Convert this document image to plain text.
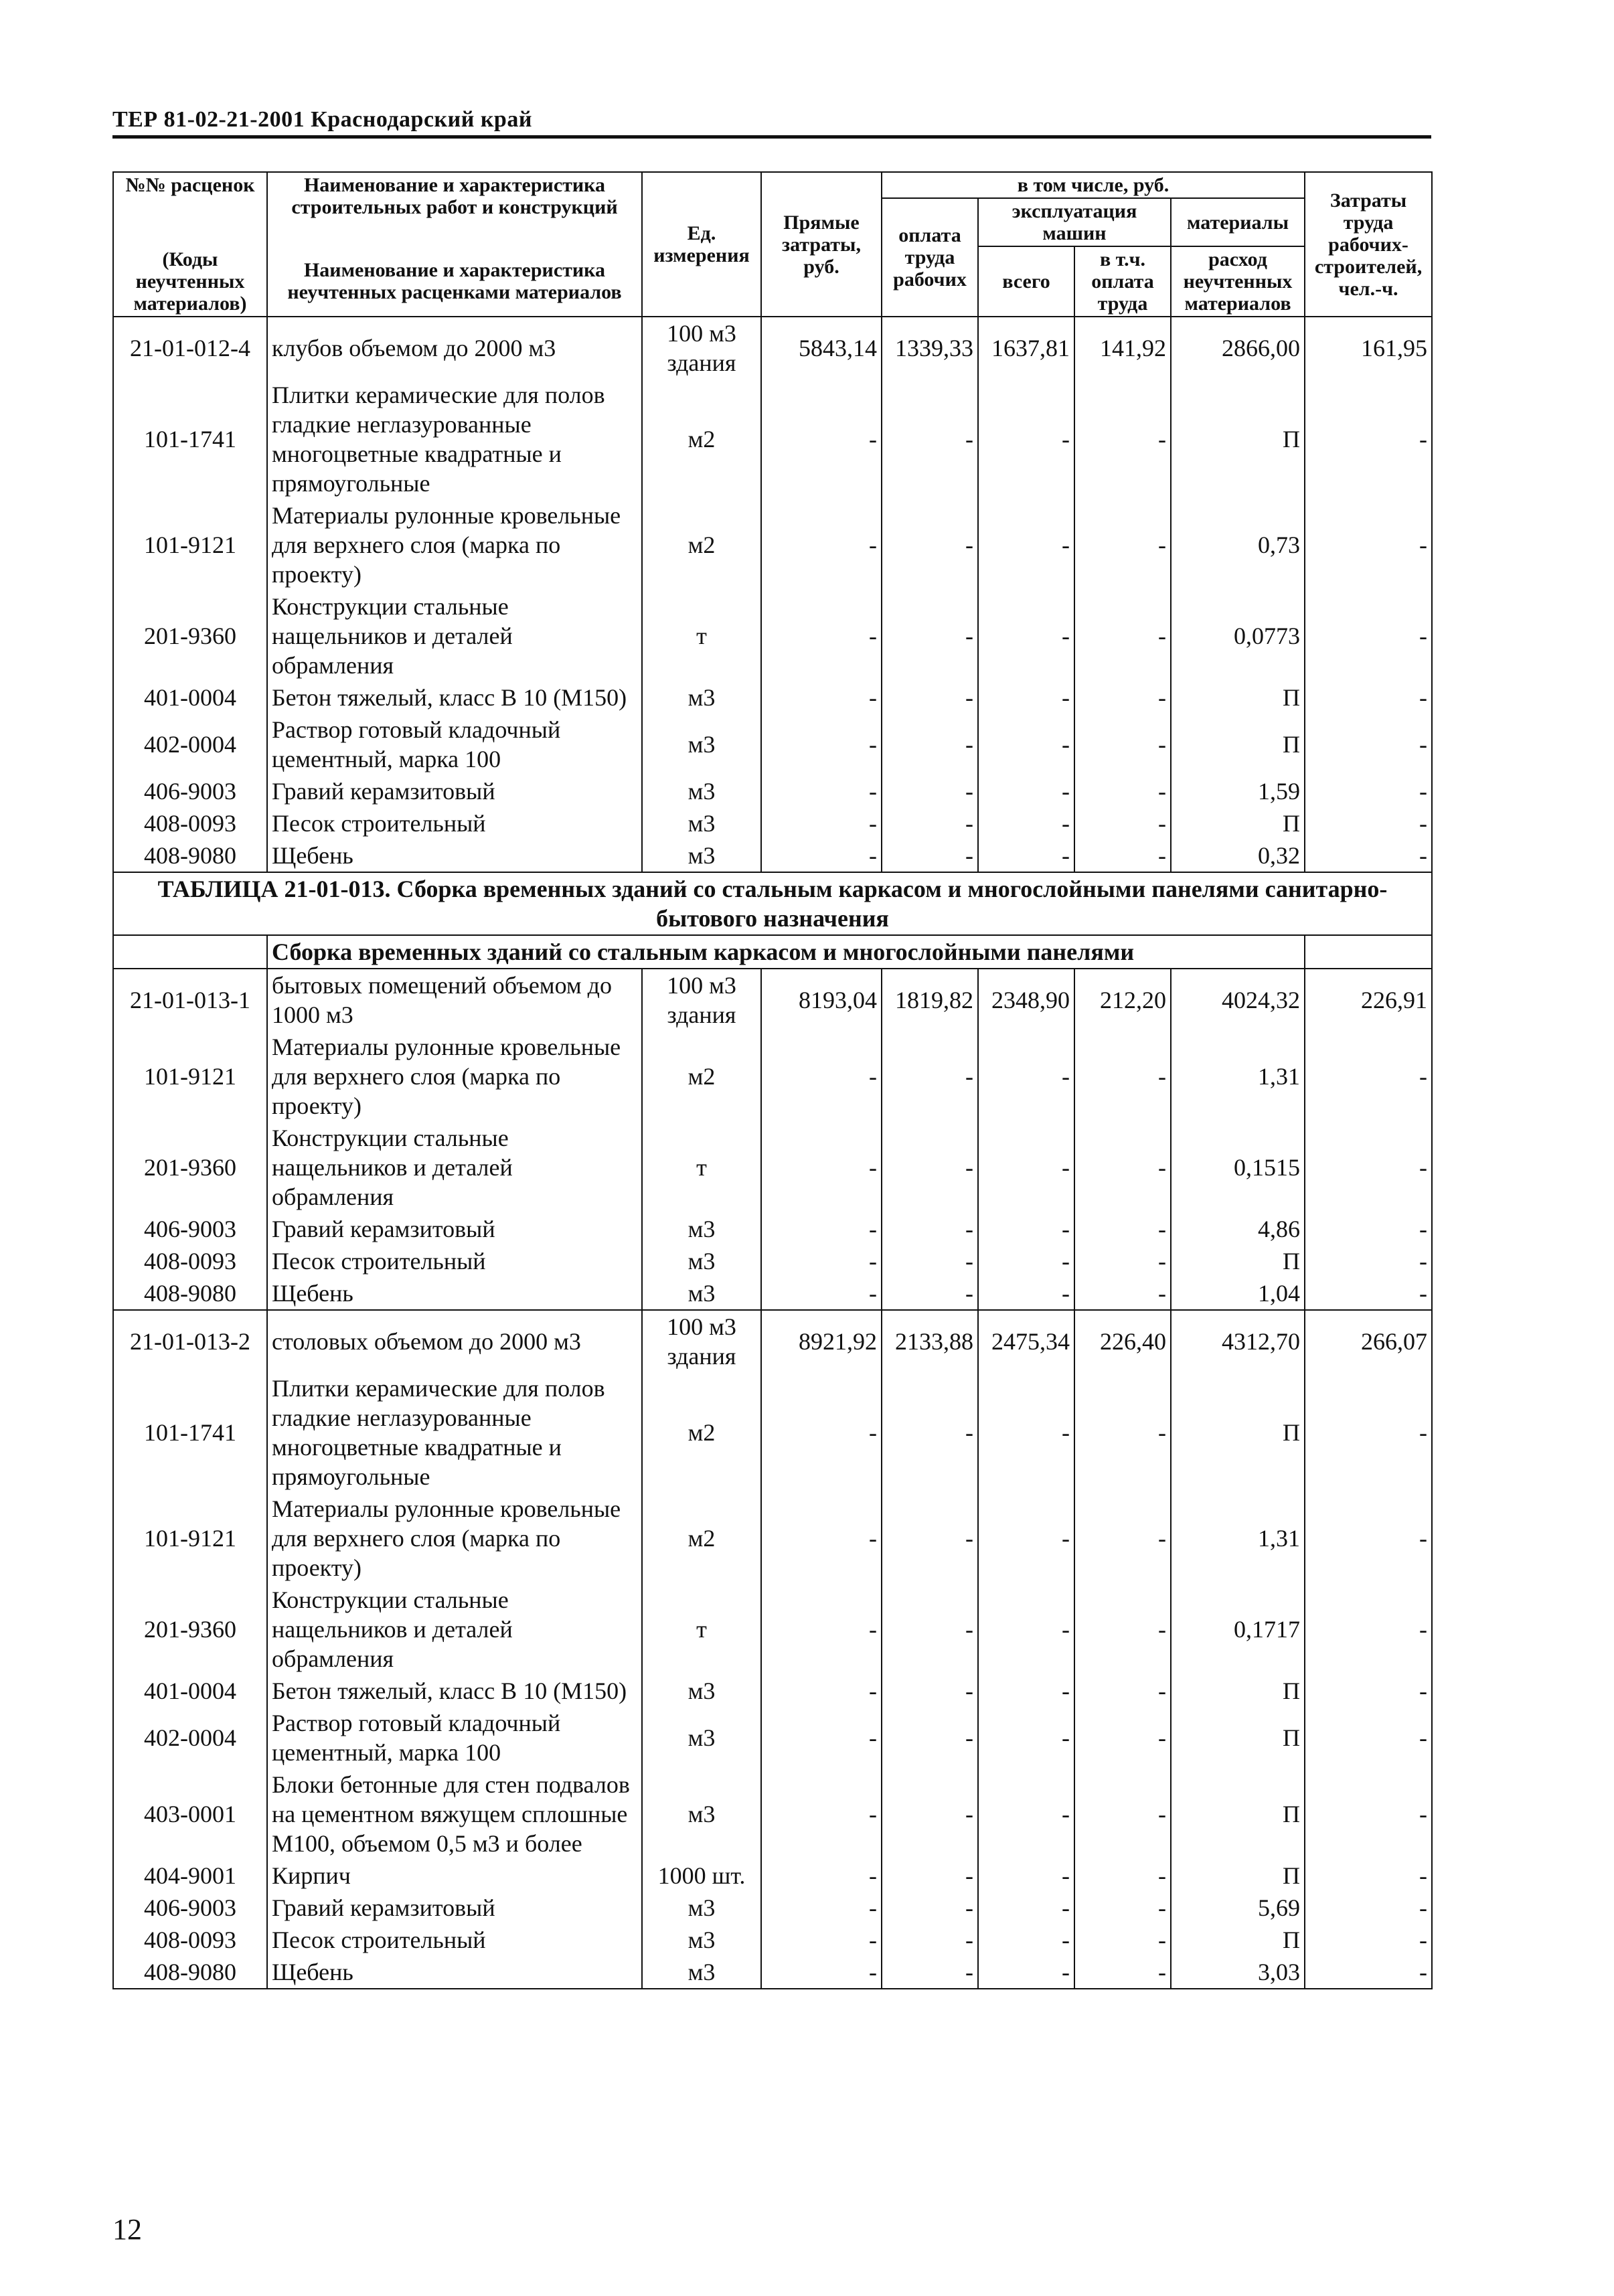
ТЕР 81-02-21-2001 Краснодарский край
№№ расценок	Наименование и характеристика строительных работ и конструкций	Ед. измерения	Прямые затраты, руб.	в том числе, руб.				Затраты труда рабочих-строителей, чел.-ч.
				оплата труда рабочих	эксплуатация машин		материалы	

(Коды неучтенных материалов)	Наименование и характеристика неучтенных расценками материалов				всего	в т.ч. оплата труда	расход неучтенных материалов	

21-01-012-4	клубов объемом до 2000 м3	100 м3 здания	5843,14	1339,33	1637,81	141,92	2866,00	161,95
101-1741	Плитки керамические для полов гладкие неглазурованные многоцветные квадратные и прямоугольные	м2	-	-	-	-	П	-
101-9121	Материалы рулонные кровельные для верхнего слоя (марка по проекту)	м2	-	-	-	-	0,73	-
201-9360	Конструкции стальные нащельников и деталей обрамления	т	-	-	-	-	0,0773	-
401-0004	Бетон тяжелый, класс В 10 (М150)	м3	-	-	-	-	П	-
402-0004	Раствор готовый кладочный цементный, марка 100	м3	-	-	-	-	П	-
406-9003	Гравий керамзитовый	м3	-	-	-	-	1,59	-
408-0093	Песок строительный	м3	-	-	-	-	П	-
408-9080	Щебень	м3	-	-	-	-	0,32	-
ТАБЛИЦА 21-01-013. Сборка временных зданий со стальным каркасом и многослойными панелями санитарно-бытового назначения								
	Сборка временных зданий со стальным каркасом и многослойными панелями							
21-01-013-1	бытовых помещений объемом до 1000 м3	100 м3 здания	8193,04	1819,82	2348,90	212,20	4024,32	226,91
101-9121	Материалы рулонные кровельные для верхнего слоя (марка по проекту)	м2	-	-	-	-	1,31	-
201-9360	Конструкции стальные нащельников и деталей обрамления	т	-	-	-	-	0,1515	-
406-9003	Гравий керамзитовый	м3	-	-	-	-	4,86	-
408-0093	Песок строительный	м3	-	-	-	-	П	-
408-9080	Щебень	м3	-	-	-	-	1,04	-
21-01-013-2	столовых объемом до 2000 м3	100 м3 здания	8921,92	2133,88	2475,34	226,40	4312,70	266,07
101-1741	Плитки керамические для полов гладкие неглазурованные многоцветные квадратные и прямоугольные	м2	-	-	-	-	П	-
101-9121	Материалы рулонные кровельные для верхнего слоя (марка по проекту)	м2	-	-	-	-	1,31	-
201-9360	Конструкции стальные нащельников и деталей обрамления	т	-	-	-	-	0,1717	-
401-0004	Бетон тяжелый, класс В 10 (М150)	м3	-	-	-	-	П	-
402-0004	Раствор готовый кладочный цементный, марка 100	м3	-	-	-	-	П	-
403-0001	Блоки бетонные для стен подвалов на цементном вяжущем сплошные М100, объемом 0,5 м3 и более	м3	-	-	-	-	П	-
404-9001	Кирпич	1000 шт.	-	-	-	-	П	-
406-9003	Гравий керамзитовый	м3	-	-	-	-	5,69	-
408-0093	Песок строительный	м3	-	-	-	-	П	-
408-9080	Щебень	м3	-	-	-	-	3,03	-
12
